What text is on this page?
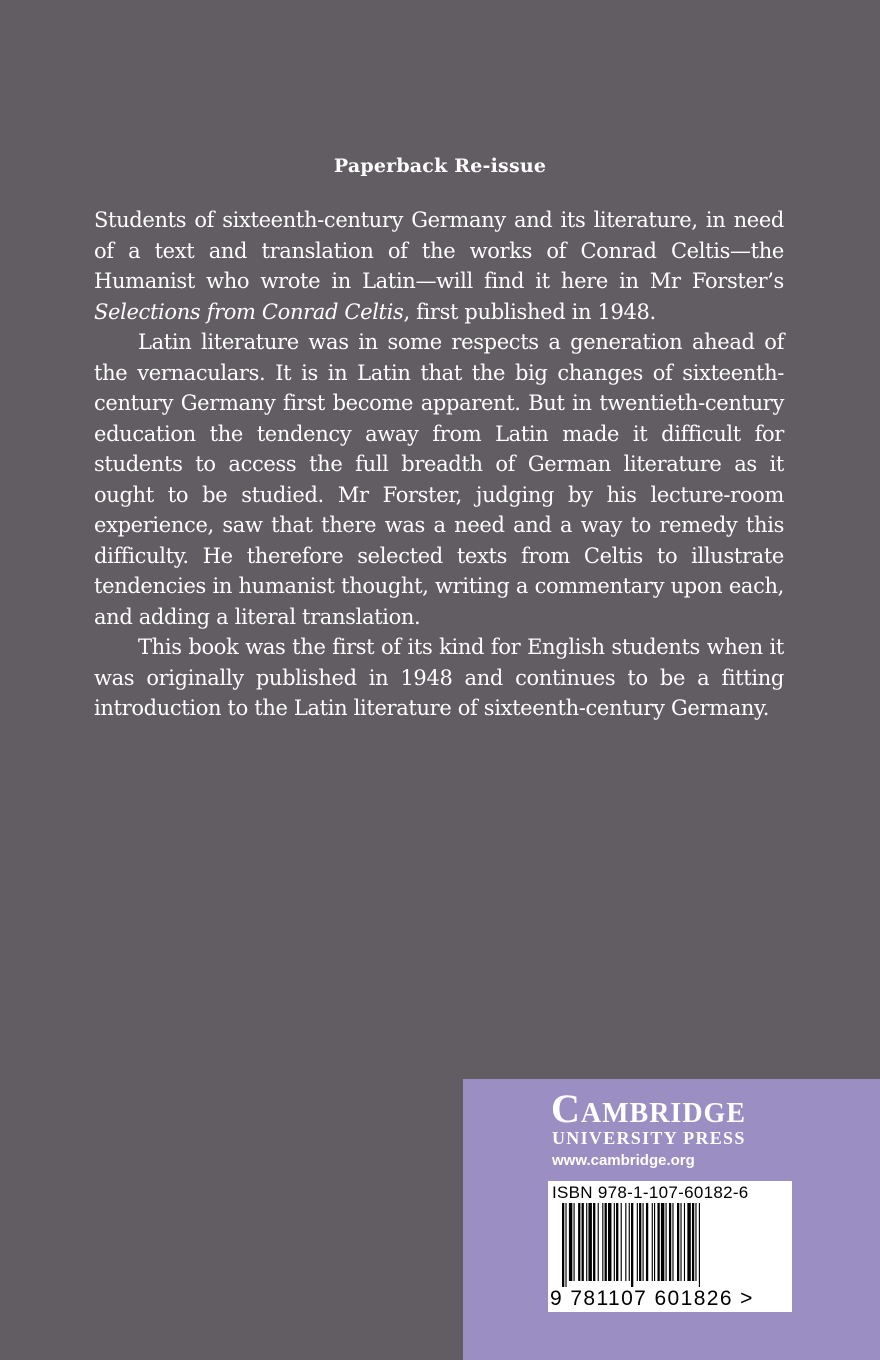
Paperback Re-issue

Students of sixteenth-century Germany and its literature, in need of a text and translation of the works of Conrad Celtis—the Humanist who wrote in Latin—will find it here in Mr Forster’s Selections from Conrad Celtis, first published in 1948.

Latin literature was in some respects a generation ahead of the vernaculars. It is in Latin that the big changes of sixteenth-century Germany first become apparent. But in twentieth-century education the tendency away from Latin made it difficult for students to access the full breadth of German literature as it ought to be studied. Mr Forster, judging by his lecture-room experience, saw that there was a need and a way to remedy this difficulty. He therefore selected texts from Celtis to illustrate tendencies in humanist thought, writing a commentary upon each, and adding a literal translation.

This book was the first of its kind for English students when it was originally published in 1948 and continues to be a fitting introduction to the Latin literature of sixteenth-century Germany.

Cambridge
UNIVERSITY PRESS
www.cambridge.org
ISBN 978-1-107-60182-6
9 781107 601826 >
